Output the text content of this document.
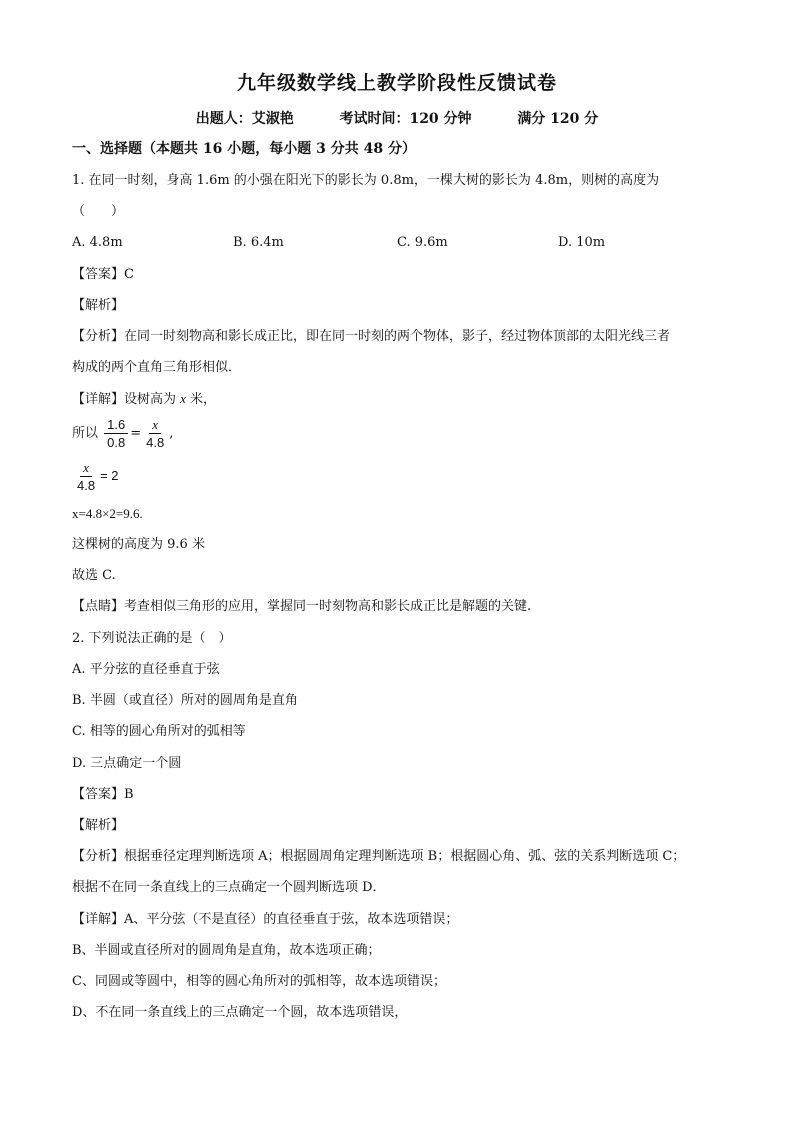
九年级数学线上教学阶段性反馈试卷
出题人：艾淑艳	考试时间：120 分钟	满分 120 分
一、选择题（本题共 16 小题，每小题 3 分共 48 分）
1. 在同一时刻，身高 1.6m 的小强在阳光下的影长为 0.8m，一棵大树的影长为 4.8m，则树的高度为
（　　）
A. 4.8m	B. 6.4m	C. 9.6m	D. 10m
【答案】C
【解析】
【分析】在同一时刻物高和影长成正比，即在同一时刻的两个物体，影子，经过物体顶部的太阳光线三者
构成的两个直角三角形相似．
【详解】设树高为 x 米，
所以 $\frac{1.6}{0.8} = \frac{x}{4.8}$ ,
$\frac{x}{4.8} = 2$
x=4.8×2=9.6.
这棵树的高度为 9.6 米
故选 C.
【点睛】考查相似三角形的应用，掌握同一时刻物高和影长成正比是解题的关键.
2. 下列说法正确的是（　）
A. 平分弦的直径垂直于弦
B. 半圆（或直径）所对的圆周角是直角
C. 相等的圆心角所对的弧相等
D. 三点确定一个圆
【答案】B
【解析】
【分析】根据垂径定理判断选项 A；根据圆周角定理判断选项 B；根据圆心角、弧、弦的关系判断选项 C；
根据不在同一条直线上的三点确定一个圆判断选项 D．
【详解】A、平分弦（不是直径）的直径垂直于弦，故本选项错误；
B、半圆或直径所对的圆周角是直角，故本选项正确；
C、同圆或等圆中，相等的圆心角所对的弧相等，故本选项错误；
D、不在同一条直线上的三点确定一个圆，故本选项错误，
